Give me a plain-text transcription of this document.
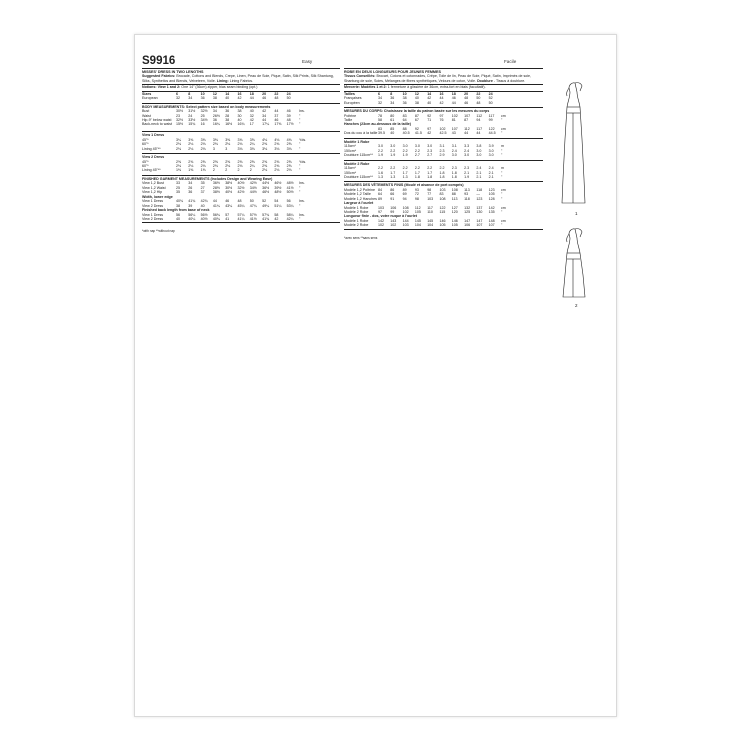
S9916	Easy
MISSES' DRESS IN TWO LENGTHS

Suggested Fabrics: Brocade, Cottons and Blends, Crepe, Linen, Peau de Soie, Pique, Satin, Silk Prints, Silk Shantung, Silks, Synthetics and Blends, Velveteen, Voile. Lining: Lining Fabrics.

Notions: View 1 and 2: One 14" (36cm) zipper, bias seam binding (opt.)

Sizes	6	8	10	12	14	16	18	20	22	24
European	32	34	36	38	40	42	44	46	48	50
BODY MEASUREMENTS: Select pattern size based on body measurements
Bust	30½	31½	32½	34	36	38	40	42	44	46	Ins.
Waist	23	24	25	26½	28	30	32	34	37	39	"
Hip-9" below waist	32½	33½	34½	36	38	40	42	44	46	48	"
Back-neck to waist	15½	15¾	16	16¼	16½	16¾	17	17¼	17⅜	17½	"
View 1 Dress
45"*	3¼	3⅜	3⅜	3⅜	3⅜	3⅜	3⅝	4⅛	4⅛	4⅜	Yds.
60"*	2⅛	2⅛	2⅛	2⅛	2⅛	2⅛	2¼	2⅜	2⅜	2⅝	"
Lining 45"**	2⅛	2⅛	2⅛	3	3	3⅛	3⅛	3⅛	3⅛	3⅛	"
View 2 Dress
45"*	2⅝	2⅝	2⅝	2⅝	2⅝	2⅝	2⅝	2⅝	2⅝	2⅝	Yds.
60"*	2⅛	2⅛	2⅛	2⅛	2⅛	2⅛	2¼	2⅜	2⅜	2⅝	"
Lining 45"**	1⅜	1⅜	1⅜	2	2	2	2	2⅛	2⅛	2⅛	"
FINISHED GARMENT MEASUREMENTS (Includes Design and Wearing Ease)
View 1,2 Bust	33	34	35	36½	38½	40½	42½	44½	46½	48½	Ins.
View 1,2 Waist	25	26	27	28½	30½	32½	34½	36½	39½	41½	"
View 1,2 Hip	35	36	37	38½	40½	42½	44½	46½	48½	50½	"
Width, lower edge
View 1 Dress	40¾	41¾	42¾	44	46	48	50	52	54	56	Ins.
View 2 Dress	38	39	40	41¼	43¼	45¼	47¼	49¼	51¼	53¼	"
Finished back length from base of neck
View 1 Dress	56	56¼	56½	56¾	57	57¼	57½	57¾	58	58¼	Ins.
View 2 Dress	40	40¼	40½	40¾	41	41¼	41½	41¾	42	42¼	"
*with nap **without nap
Facile
ROBE EN DEUX LONGUEURS POUR JEUNES FEMMES

Tissus Conseillés: Brocart, Cotons et cotonnades, Crêpe, Toile de lin, Peau de Soie, Piqué, Satin, Imprimés de soie, Shantung de soie, Soies, Mélanges de fibres synthétiques, Velours de coton, Voile. Doublure - Tissus à doublure.

Mercerie: Modèles 1 et 2: 1 fermeture à glissière de 36cm, extra-fort en biais (facultatif).

Tailles	6	8	10	12	14	16	18	20	22	24
Françaises	34	36	38	40	42	44	46	48	50	52
Européen	32	34	36	38	40	42	44	46	48	50
MESURES DU CORPS: Choisissez la taille du patron basée sur les mesures du corps
Poitrine	78	80	83	87	92	97	102	107	112	117	cm
Taille	58	61	64	67	71	76	81	87	94	99	"
Hanches (23cm au-dessous de la taille)
83	85	88	92	97	102	107	112	117	122	cm
Dos du cou à la taille 39.5	40	40.5	41.5	42	42.5	43	44	44	44.5	"
Modèle 1 Robe
115cm*	3.0	3.0	3.0	3.0	3.0	3.1	3.1	3.3	3.8	3.9	m
150cm*	2.2	2.2	2.2	2.2	2.3	2.3	2.4	2.4	3.0	3.0	"
Doublure 115cm**	1.9	1.9	1.9	2.7	2.7	2.9	3.0	3.0	3.0	3.0	"
Modèle 2 Robe
115cm*	2.2	2.2	2.2	2.2	2.2	2.2	2.3	2.3	2.4	2.4	m
150cm*	1.6	1.7	1.7	1.7	1.7	1.8	1.8	2.1	2.1	2.1	"
Doublure 115cm**	1.3	1.3	1.3	1.8	1.8	1.8	1.8	1.9	2.1	2.1	"
MESURES DES VÊTEMENTS FINIS (Moulé et aisance de port compris)
Modèle 1,2 Poitrine 84	86	89	93	98	103	108	113	118	123	cm
Modèle 1,2 Taille	64	66	69	72	77	83	88	93	—	105	"
Modèle 1,2 Hanches 89	91	94	98	103	108	113	118	123	128	"
Largeur à l'ourlet
Modèle 1 Robe	103	106	108	112	117	122	127	132	137	142	cm
Modèle 2 Robe	97	99	102	105	110	115	120	125	130	135	"
Longueur finie - dos, votre nuque à l'ourlet
Modèle 1 Robe	142	143	144	145	145	146	146	147	147	148	cm
Modèle 2 Robe	102	102	103	104	104	105	105	106	107	107	"
*avec sens **sans sens
1
2
